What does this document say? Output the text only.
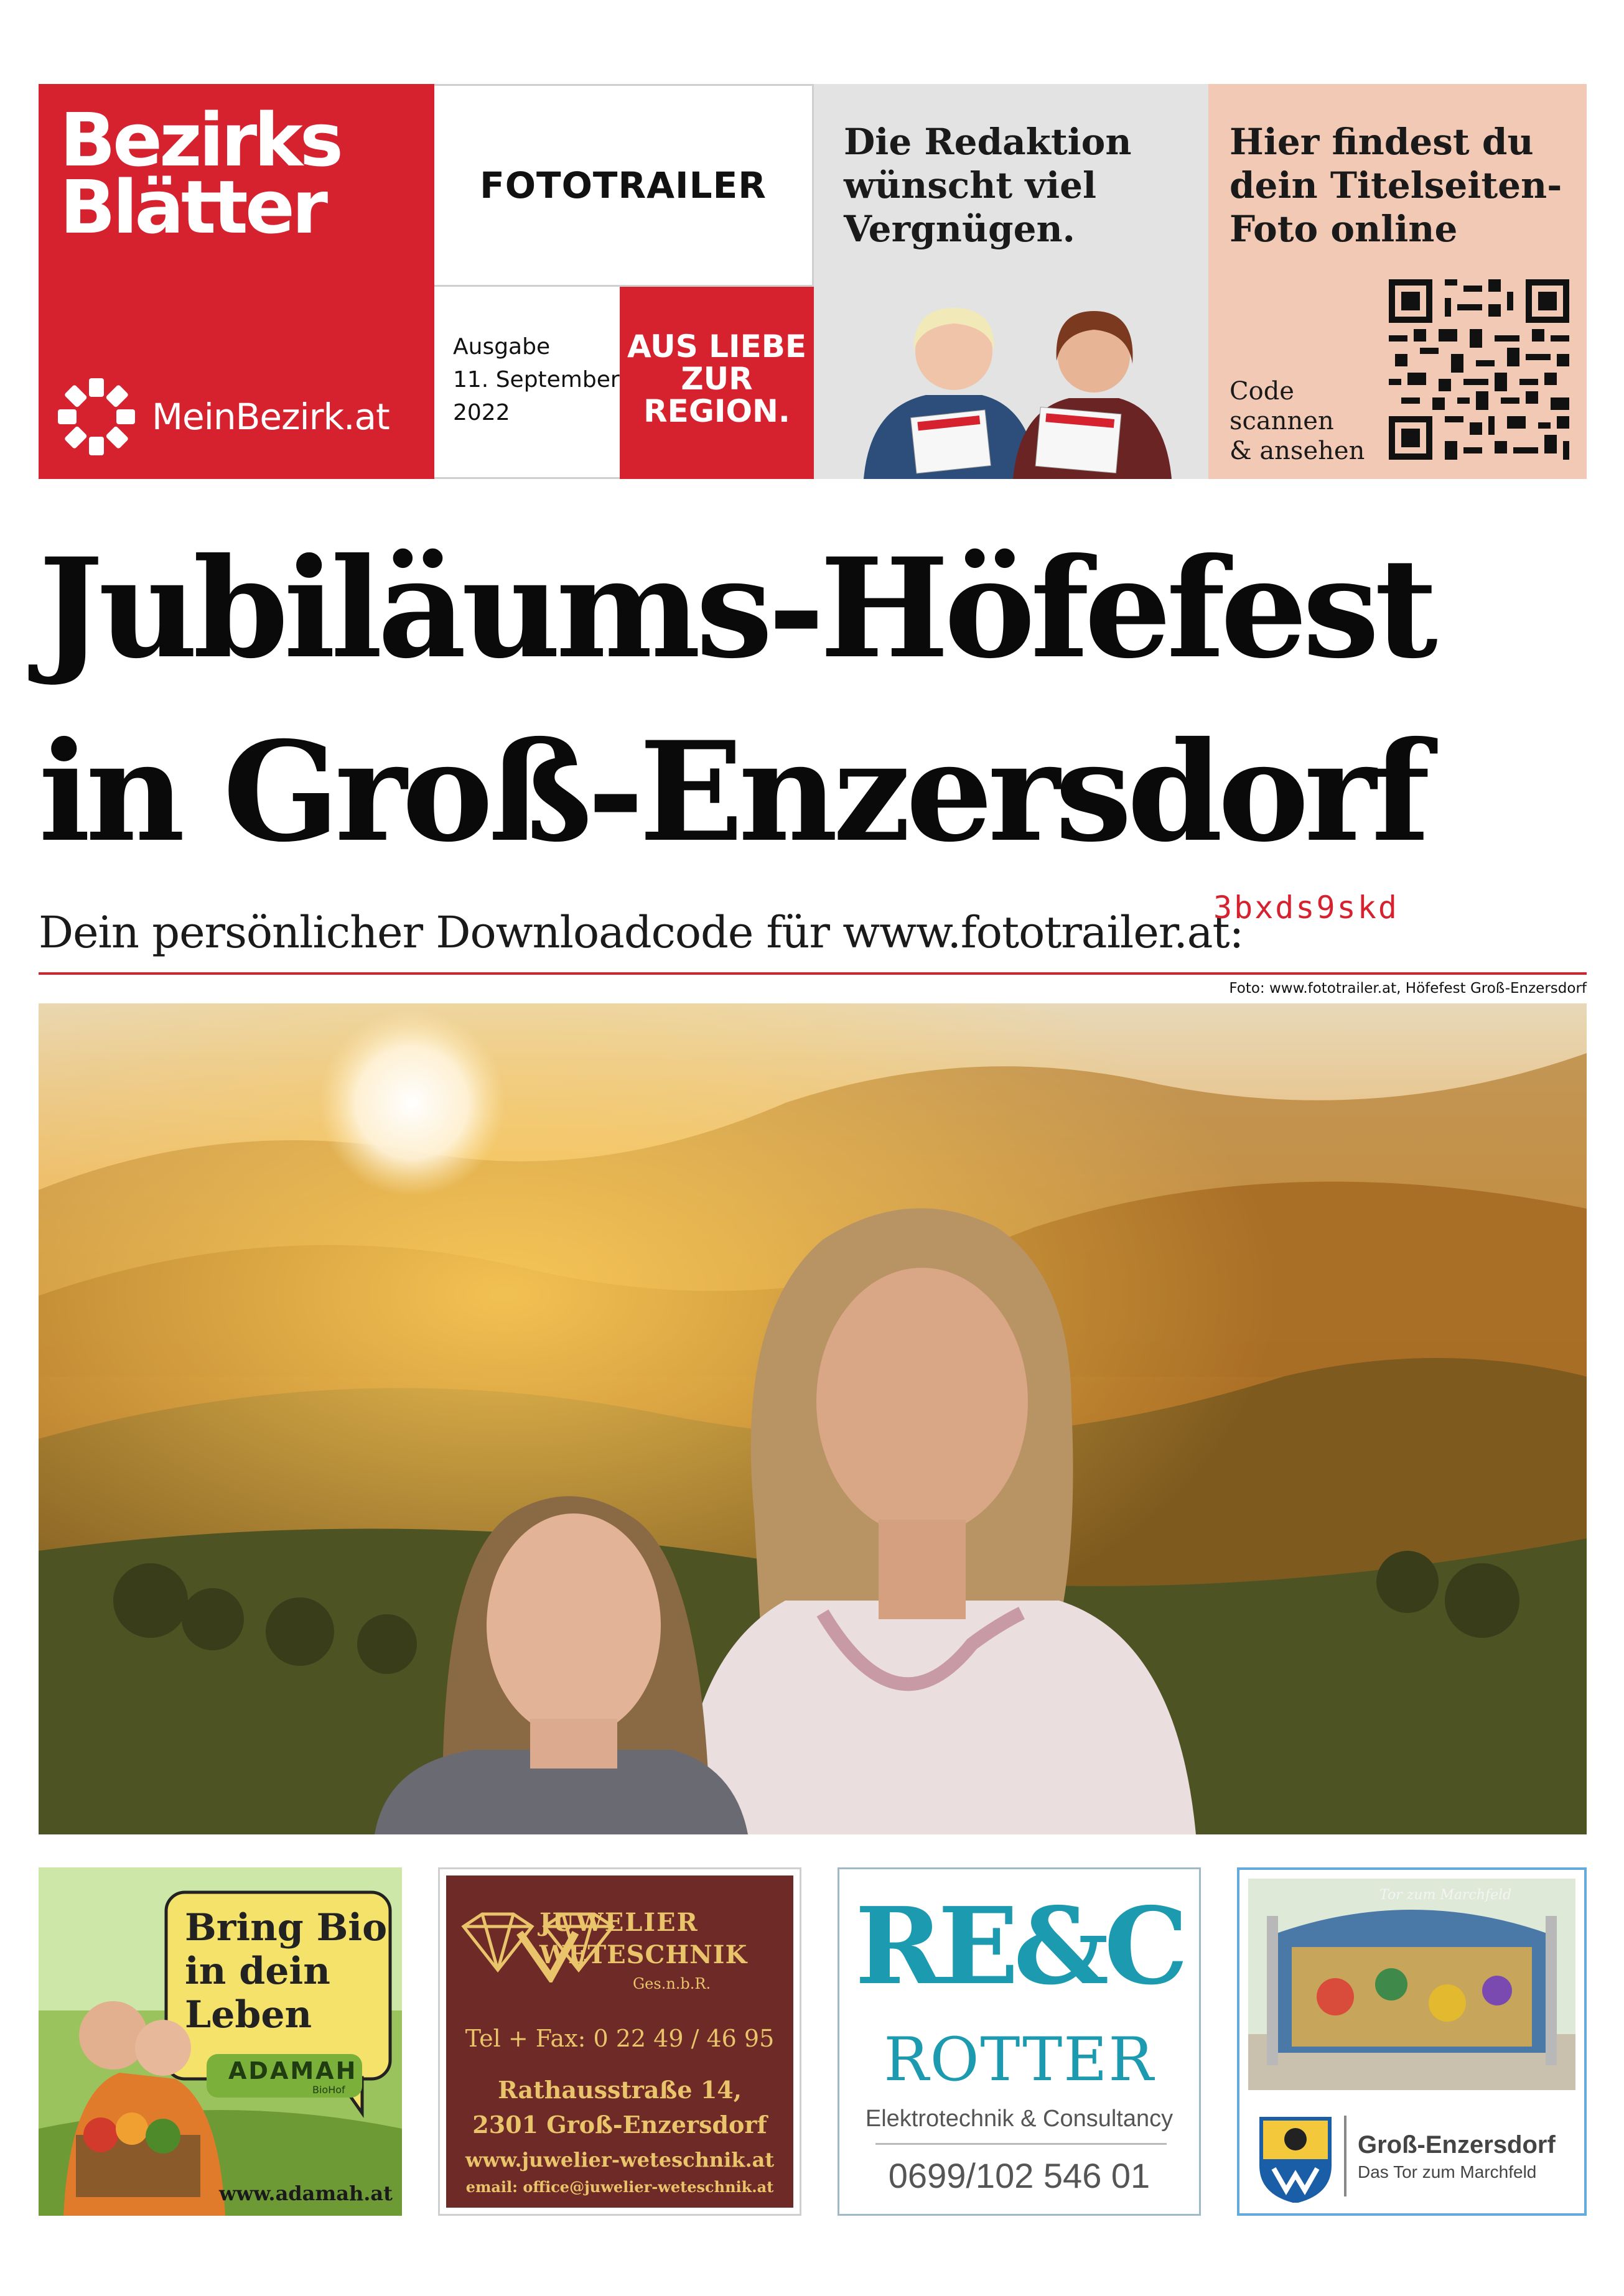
Bezirks
Blätter
MeinBezirk.at
FOTOTRAILER
Ausgabe
11. September
2022
AUS LIEBE
ZUR
REGION.
Die Redaktion
wünscht viel
Vergnügen.
Hier findest du
dein Titelseiten-
Foto online
Code
scannen
& ansehen
Jubiläums-Höfefest
in Groß-Enzersdorf
Dein persönlicher Downloadcode für www.fototrailer.at:
3bxds9skd
Foto: www.fototrailer.at, Höfefest Groß-Enzersdorf
Bring Bio
in dein
Leben
ADAMAH
BioHof
www.adamah.at
JUWELIER
WETESCHNIK
Ges.n.b.R.
Tel + Fax: 0 22 49 / 46 95
Rathausstraße 14,
2301 Groß-Enzersdorf
www.juwelier-weteschnik.at
email: office@juwelier-weteschnik.at
RE&C
ROTTER
Elektrotechnik & Consultancy
0699/102 546 01
Tor zum Marchfeld
Groß-Enzersdorf
Das Tor zum Marchfeld
